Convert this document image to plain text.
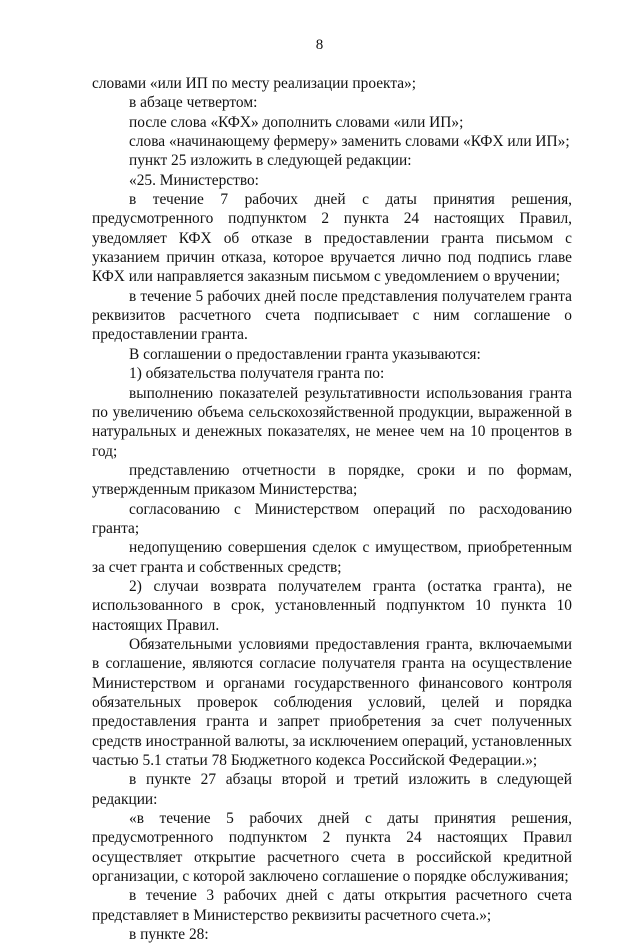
8

словами «или ИП по месту реализации проекта»;

в абзаце четвертом:

после слова «КФХ» дополнить словами «или ИП»;

слова «начинающему фермеру» заменить словами «КФХ или ИП»;

пункт 25 изложить в следующей редакции:

«25. Министерство:

в течение 7 рабочих дней с даты принятия решения, предусмотренного подпунктом 2 пункта 24 настоящих Правил, уведомляет КФХ об отказе в предоставлении гранта письмом с указанием причин отказа, которое вручается лично под подпись главе КФХ или направляется заказным письмом с уведомлением о вручении;

в течение 5 рабочих дней после представления получателем гранта реквизитов расчетного счета подписывает с ним соглашение о предоставлении гранта.

В соглашении о предоставлении гранта указываются:

1) обязательства получателя гранта по:

выполнению показателей результативности использования гранта по увеличению объема сельскохозяйственной продукции, выраженной в натуральных и денежных показателях, не менее чем на 10 процентов в год;

представлению отчетности в порядке, сроки и по формам, утвержденным приказом Министерства;

согласованию с Министерством операций по расходованию гранта;

недопущению совершения сделок с имуществом, приобретенным за счет гранта и собственных средств;

2) случаи возврата получателем гранта (остатка гранта), не использованного в срок, установленный подпунктом 10 пункта 10 настоящих Правил.

Обязательными условиями предоставления гранта, включаемыми в соглашение, являются согласие получателя гранта на осуществление Министерством и органами государственного финансового контроля обязательных проверок соблюдения условий, целей и порядка предоставления гранта и запрет приобретения за счет полученных средств иностранной валюты, за исключением операций, установленных частью 5.1 статьи 78 Бюджетного кодекса Российской Федерации.»;

в пункте 27 абзацы второй и третий изложить в следующей редакции:

«в течение 5 рабочих дней с даты принятия решения, предусмотренного подпунктом 2 пункта 24 настоящих Правил осуществляет открытие расчетного счета в российской кредитной организации, с которой заключено соглашение о порядке обслуживания;

в течение 3 рабочих дней с даты открытия расчетного счета представляет в Министерство реквизиты расчетного счета.»;

в пункте 28:
